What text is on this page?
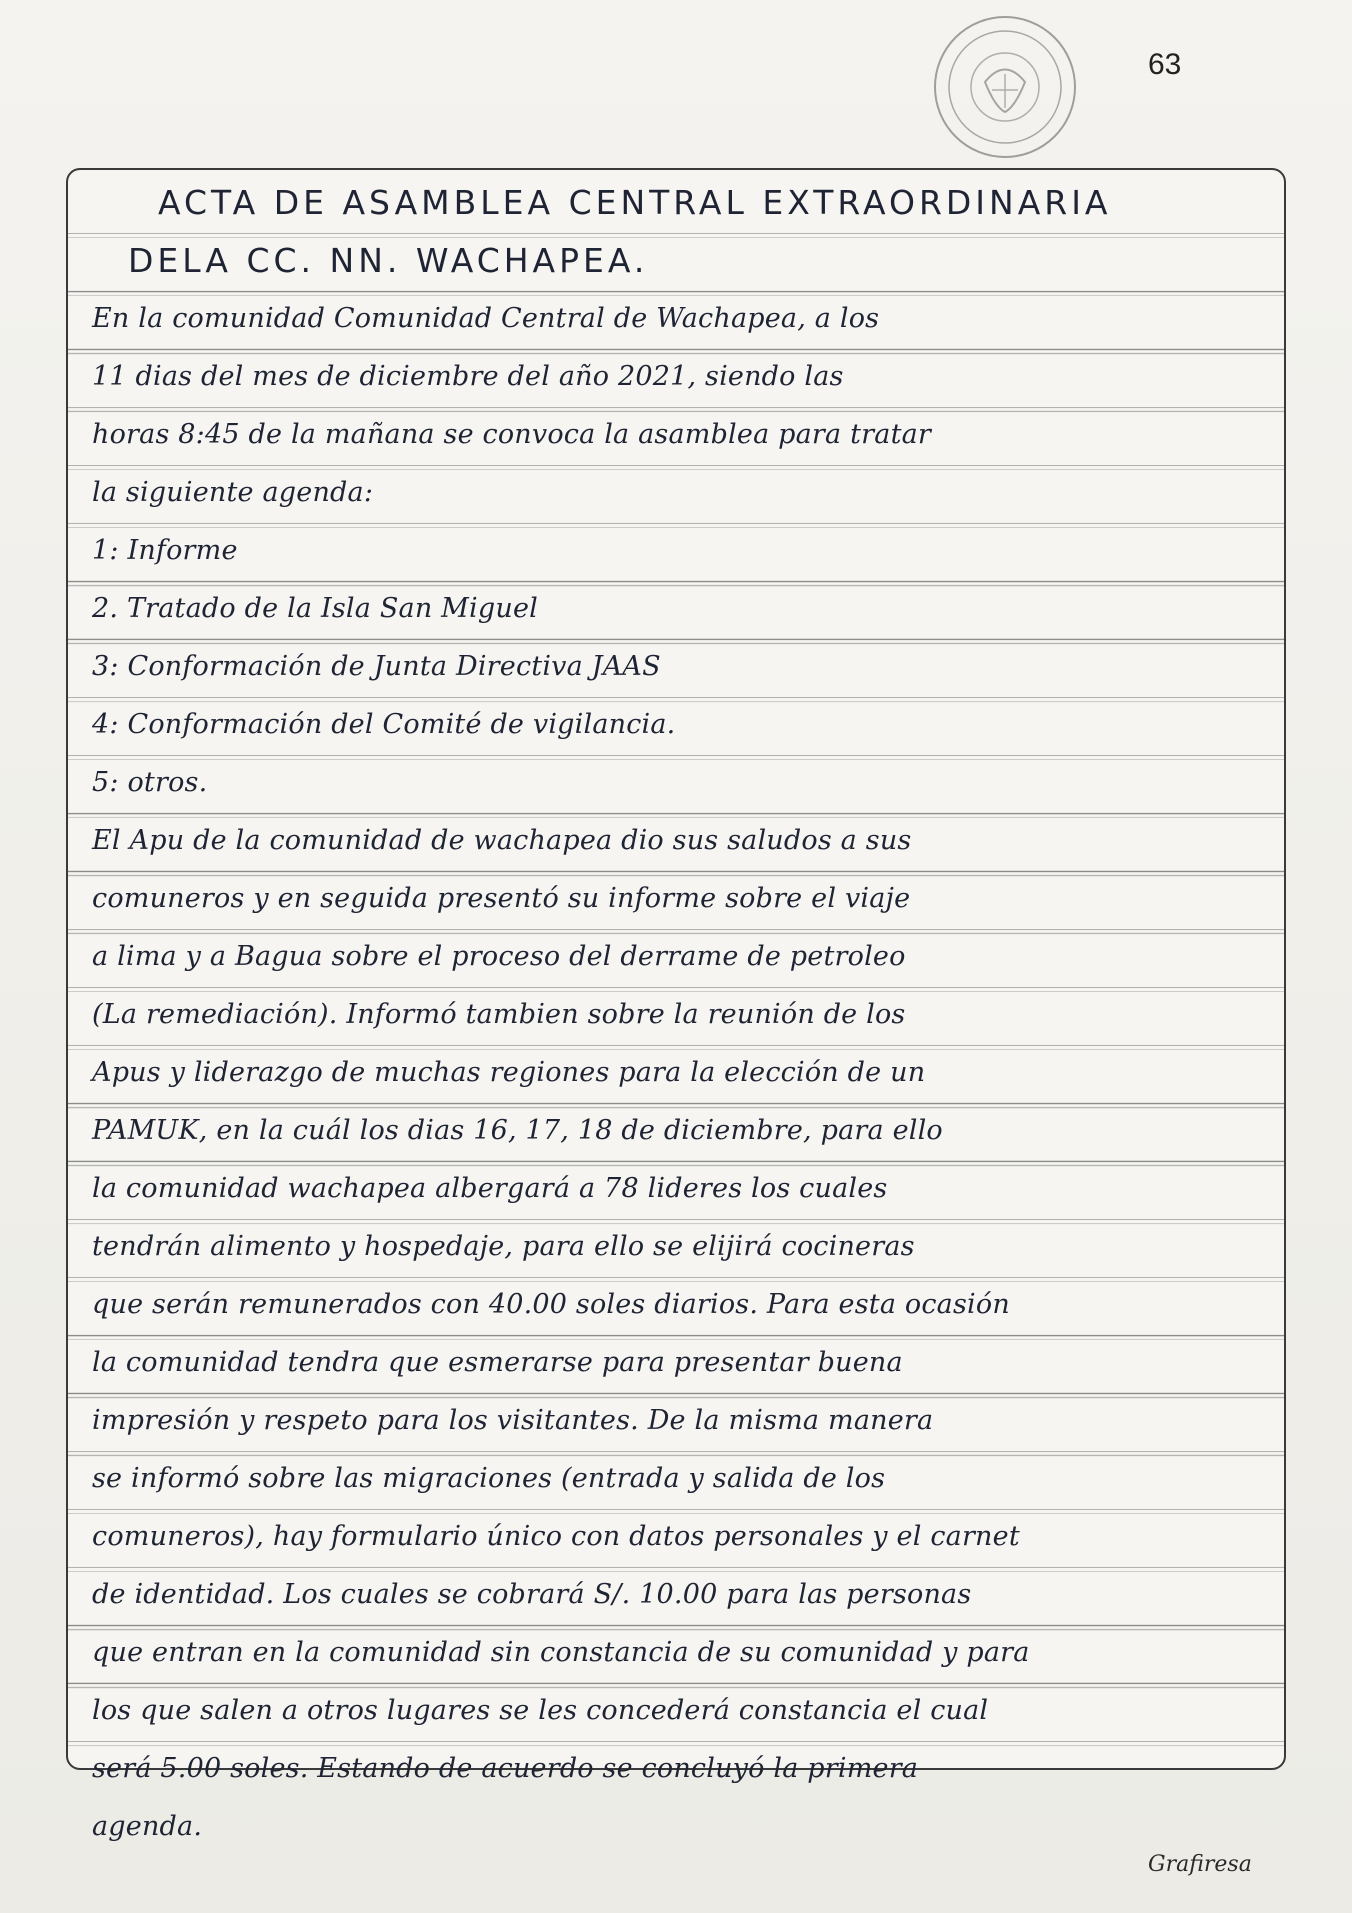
63
ACTA DE ASAMBLEA CENTRAL EXTRAORDINARIA
DELA CC. NN. WACHAPEA.
En la comunidad Comunidad Central de Wachapea, a los
11 dias del mes de diciembre del año 2021, siendo las
horas 8:45 de la mañana se convoca la asamblea para tratar
la siguiente agenda:
1: Informe
2. Tratado de la Isla San Miguel
3: Conformación de Junta Directiva JAAS
4: Conformación del Comité de vigilancia.
5: otros.
El Apu de la comunidad de wachapea dio sus saludos a sus
comuneros y en seguida presentó su informe sobre el viaje
a lima y a Bagua sobre el proceso del derrame de petroleo
(La remediación). Informó tambien sobre la reunión de los
Apus y liderazgo de muchas regiones para la elección de un
PAMUK, en la cuál los dias 16, 17, 18 de diciembre, para ello
la comunidad wachapea albergará a 78 lideres los cuales
tendrán alimento y hospedaje, para ello se elijirá cocineras
que serán remunerados con 40.00 soles diarios. Para esta ocasión
la comunidad tendra que esmerarse para presentar buena
impresión y respeto para los visitantes. De la misma manera
se informó sobre las migraciones (entrada y salida de los
comuneros), hay formulario único con datos personales y el carnet
de identidad. Los cuales se cobrará S/. 10.00 para las personas
que entran en la comunidad sin constancia de su comunidad y para
los que salen a otros lugares se les concederá constancia el cual
será 5.00 soles. Estando de acuerdo se concluyó la primera
agenda.
Grafiresa
